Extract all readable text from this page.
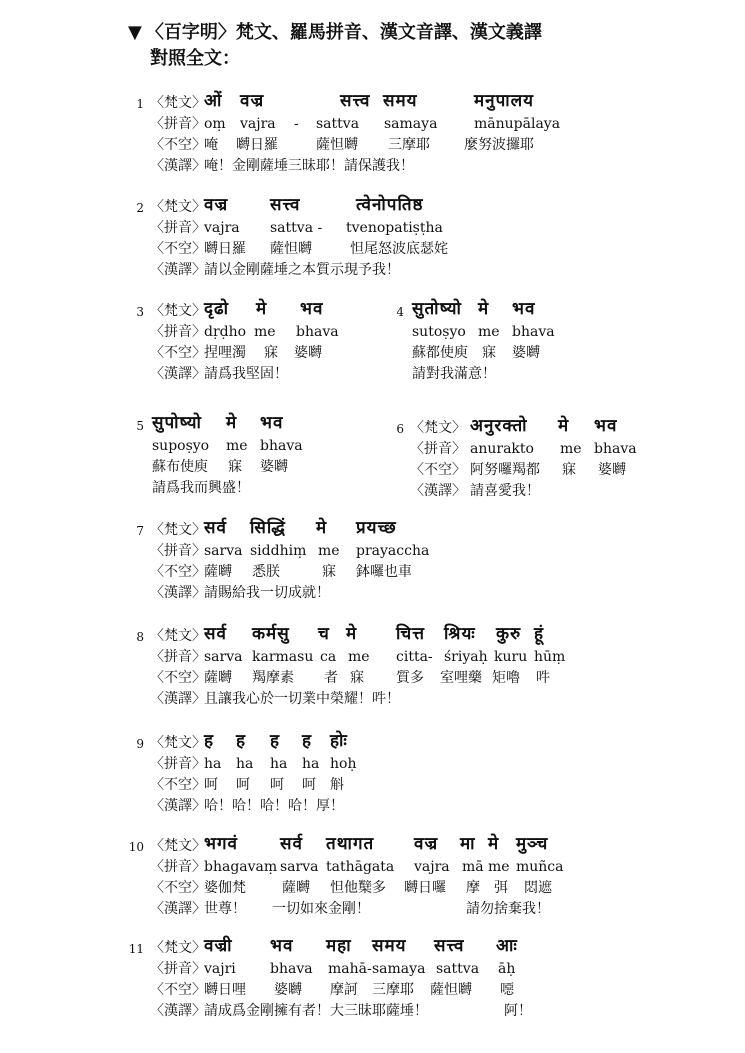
▼ 〈百字明〉梵文、羅馬拼音、漢文音譯、漢文義譯
對照全文：
1 〈梵文〉
ओं वज्र	सत्त्व समय	मनुपालय
〈拼音〉
oṃ vajra - sattva samaya	mānupālaya
〈不空〉
唵 嚩日羅	薩怛嚩 三摩耶 麼努波攞耶
〈漢譯〉
唵！金剛薩埵三昧耶！請保護我！
2 〈梵文〉
वज्र सत्त्व	त्वेनोपतिष्ठ
〈拼音〉
vajra sattva - tvenopatiṣṭha
〈不空〉
嚩日羅 薩怛嚩	怛尾怒波底瑟姹
〈漢譯〉
請以金剛薩埵之本質示現予我！
3 〈梵文〉
दृढो मे भव
〈拼音〉
dṛḍho me bhava
〈不空〉
捏哩濁 寐 婆嚩
〈漢譯〉
請爲我堅固！
4 सुतोष्यो मे भव
sutoṣyo me bhava
蘇都使庾 寐 婆嚩
請對我滿意！
5 सुपोष्यो मे भव
supoṣyo me bhava
蘇布使庾 寐 婆嚩
請爲我而興盛！
6 〈梵文〉 अनुरक्तो मे भव
〈拼音〉 anurakto me bhava
〈不空〉 阿努囉羯都 寐 婆嚩
〈漢譯〉 請喜愛我！
7 〈梵文〉
सर्व सिद्धिं मे प्रयच्छ
〈拼音〉
sarva siddhiṃ me prayaccha
〈不空〉
薩嚩 悉朕	寐 鉢囉也車
〈漢譯〉
請賜給我一切成就！
8 〈梵文〉
सर्व कर्मसु च मे चित्त श्रियः कुरु हूं
〈拼音〉
sarva karmasu ca me citta- śriyaḥ kuru hūṃ
〈不空〉
薩嚩 羯摩素 者 寐 質多 室哩藥 矩嚕 吽
〈漢譯〉
且讓我心於一切業中榮耀！吽！
9 〈梵文〉
ह ह ह ह होः
〈拼音〉
ha ha ha ha hoḥ
〈不空〉
呵 呵 呵 呵 斛
〈漢譯〉
哈！哈！哈！哈！厚！
10 〈梵文〉
भगवं सर्व तथागत वज्र मा मे मुञ्च
〈拼音〉
bhagavaṃ sarva tathāgata vajra mā me muñca
〈不空〉
婆伽梵	薩嚩 怛他櫱多 嚩日囉 摩 弭 悶遮
〈漢譯〉
世尊！ 一切如來金剛！	請勿捨棄我！
11 〈梵文〉
वज्री भव महा समय सत्त्व आः
〈拼音〉
vajri bhava mahā- samaya sattva āḥ
〈不空〉
嚩日哩 婆嚩 摩訶 三摩耶 薩怛嚩 噁
〈漢譯〉
請成爲金剛擁有者！大三昧耶薩埵！	阿！
